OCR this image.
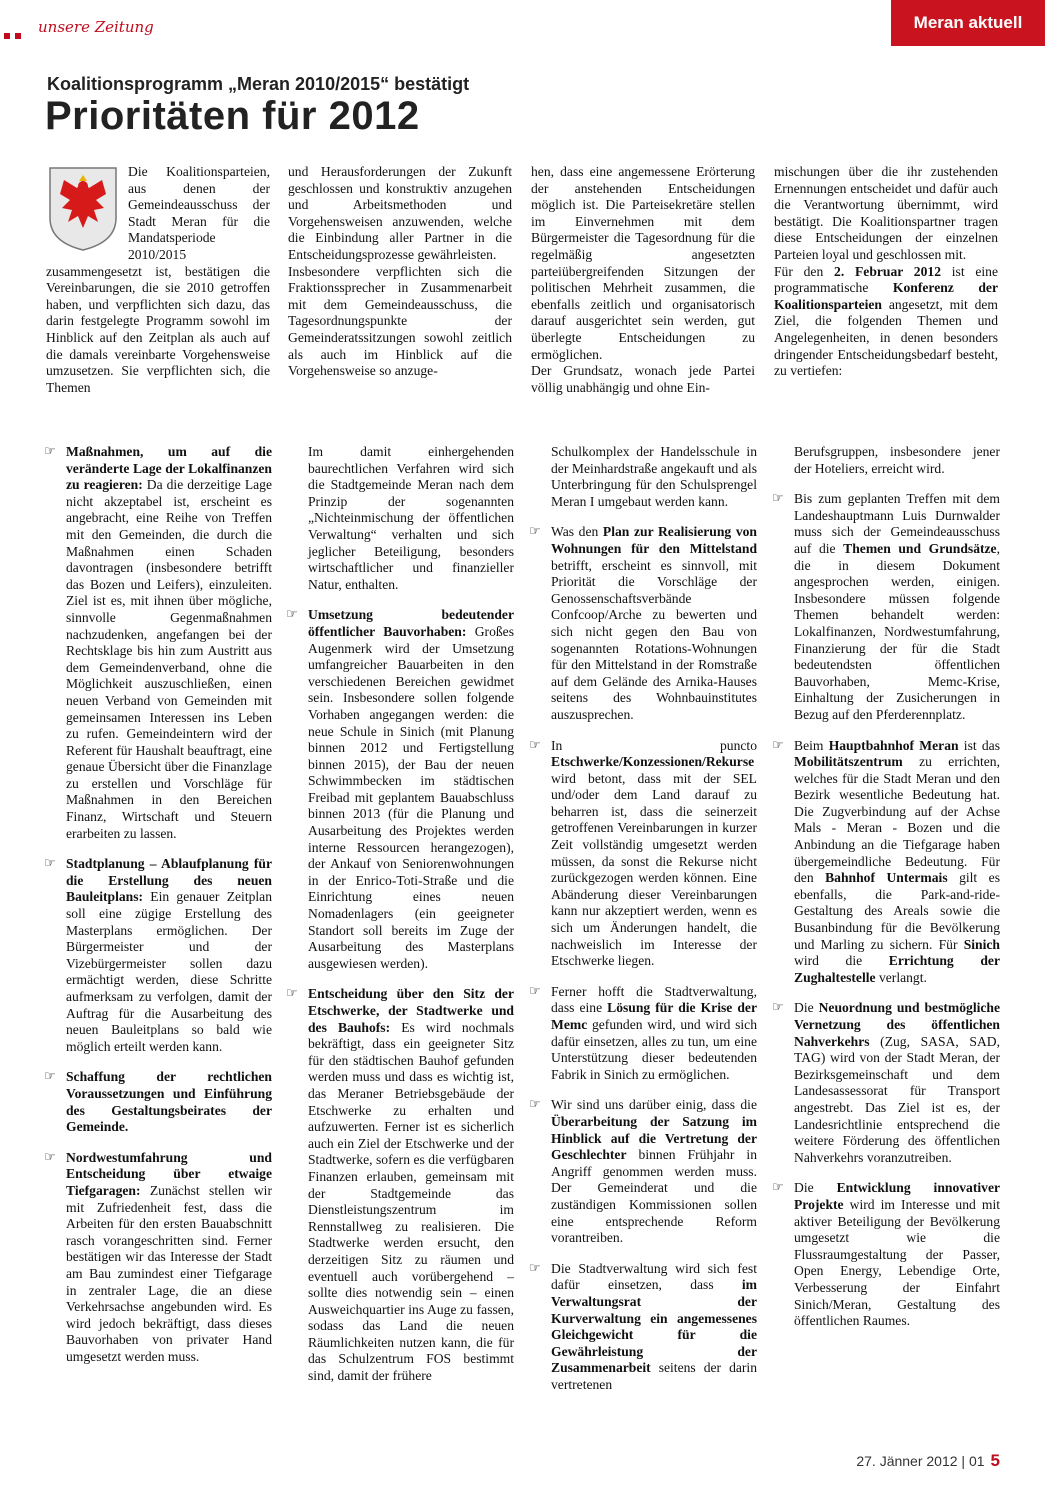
unsere Zeitung	Meran aktuell
Koalitionsprogramm „Meran 2010/2015“ bestätigt
Prioritäten für 2012

Die Koalitionsparteien, aus denen der Gemeindeausschuss der Stadt Meran für die Mandatsperiode 2010/2015 zusammengesetzt ist, bestätigen die Vereinbarungen, die sie 2010 getroffen haben, und verpflichten sich dazu, das darin festgelegte Programm sowohl im Hinblick auf den Zeitplan als auch auf die damals vereinbarte Vorgehensweise umzusetzen. Sie verpflichten sich, die Themen

und Herausforderungen der Zukunft geschlossen und konstruktiv anzugehen und Arbeitsmethoden und Vorgehensweisen anzuwenden, welche die Einbindung aller Partner in die Entscheidungsprozesse gewährleisten.

Insbesondere verpflichten sich die Fraktionssprecher in Zusammenarbeit mit dem Gemeindeausschuss, die Tagesordnungspunkte der Gemeinderatssitzungen sowohl zeitlich als auch im Hinblick auf die Vorgehensweise so anzuge-

hen, dass eine angemessene Erörterung der anstehenden Entscheidungen möglich ist. Die Parteisekretäre stellen im Einvernehmen mit dem Bürgermeister die Tagesordnung für die regelmäßig angesetzten parteiübergreifenden Sitzungen der politischen Mehrheit zusammen, die ebenfalls zeitlich und organisatorisch darauf ausgerichtet sein werden, gut überlegte Entscheidungen zu ermöglichen.

Der Grundsatz, wonach jede Partei völlig unabhängig und ohne Ein-

mischungen über die ihr zustehenden Ernennungen entscheidet und dafür auch die Verantwortung übernimmt, wird bestätigt. Die Koalitionspartner tragen diese Entscheidungen der einzelnen Parteien loyal und geschlossen mit.

Für den 2. Februar 2012 ist eine programmatische Konferenz der Koalitionsparteien angesetzt, mit dem Ziel, die folgenden Themen und Angelegenheiten, in denen besonders dringender Entscheidungsbedarf besteht, zu vertiefen:

☞ Maßnahmen, um auf die veränderte Lage der Lokalfinanzen zu reagieren: Da die derzeitige Lage nicht akzeptabel ist, erscheint es angebracht, eine Reihe von Treffen mit den Gemeinden, die durch die Maßnahmen einen Schaden davontragen (insbesondere betrifft das Bozen und Leifers), einzuleiten. Ziel ist es, mit ihnen über mögliche, sinnvolle Gegenmaßnahmen nachzudenken, angefangen bei der Rechtsklage bis hin zum Austritt aus dem Gemeindenverband, ohne die Möglichkeit auszuschließen, einen neuen Verband von Gemeinden mit gemeinsamen Interessen ins Leben zu rufen. Gemeindeintern wird der Referent für Haushalt beauftragt, eine genaue Übersicht über die Finanzlage zu erstellen und Vorschläge für Maßnahmen in den Bereichen Finanz, Wirtschaft und Steuern erarbeiten zu lassen.
☞ Stadtplanung – Ablaufplanung für die Erstellung des neuen Bauleitplans: Ein genauer Zeitplan soll eine zügige Erstellung des Masterplans ermöglichen. Der Bürgermeister und der Vizebürgermeister sollen dazu ermächtigt werden, diese Schritte aufmerksam zu verfolgen, damit der Auftrag für die Ausarbeitung des neuen Bauleitplans so bald wie möglich erteilt werden kann.
☞ Schaffung der rechtlichen Voraussetzungen und Einführung des Gestaltungsbeirates der Gemeinde.
☞ Nordwestumfahrung und Entscheidung über etwaige Tiefgaragen: Zunächst stellen wir mit Zufriedenheit fest, dass die Arbeiten für den ersten Bauabschnitt rasch vorangeschritten sind. Ferner bestätigen wir das Interesse der Stadt am Bau zumindest einer Tiefgarage in zentraler Lage, die an diese Verkehrsachse angebunden wird. Es wird jedoch bekräftigt, dass dieses Bauvorhaben von privater Hand umgesetzt werden muss.
Im damit einhergehenden baurechtlichen Verfahren wird sich die Stadtgemeinde Meran nach dem Prinzip der sogenannten „Nichteinmischung der öffentlichen Verwaltung“ verhalten und sich jeglicher Beteiligung, besonders wirtschaftlicher und finanzieller Natur, enthalten.
☞ Umsetzung bedeutender öffentlicher Bauvorhaben: Großes Augenmerk wird der Umsetzung umfangreicher Bauarbeiten in den verschiedenen Bereichen gewidmet sein. Insbesondere sollen folgende Vorhaben angegangen werden: die neue Schule in Sinich (mit Planung binnen 2012 und Fertigstellung binnen 2015), der Bau der neuen Schwimmbecken im städtischen Freibad mit geplantem Bauabschluss binnen 2013 (für die Planung und Ausarbeitung des Projektes werden interne Ressourcen herangezogen), der Ankauf von Seniorenwohnungen in der Enrico-Toti-Straße und die Einrichtung eines neuen Nomadenlagers (ein geeigneter Standort soll bereits im Zuge der Ausarbeitung des Masterplans ausgewiesen werden).
☞ Entscheidung über den Sitz der Etschwerke, der Stadtwerke und des Bauhofs: Es wird nochmals bekräftigt, dass ein geeigneter Sitz für den städtischen Bauhof gefunden werden muss und dass es wichtig ist, das Meraner Betriebsgebäude der Etschwerke zu erhalten und aufzuwerten. Ferner ist es sicherlich auch ein Ziel der Etschwerke und der Stadtwerke, sofern es die verfügbaren Finanzen erlauben, gemeinsam mit der Stadtgemeinde das Dienstleistungszentrum im Rennstallweg zu realisieren. Die Stadtwerke werden ersucht, den derzeitigen Sitz zu räumen und eventuell auch vorübergehend – sollte dies notwendig sein – einen Ausweichquartier ins Auge zu fassen, sodass das Land die neuen Räumlichkeiten nutzen kann, die für das Schulzentrum FOS bestimmt sind, damit der frühere
Schulkomplex der Handelsschule in der Meinhardstraße angekauft und als Unterbringung für den Schulsprengel Meran I umgebaut werden kann.
☞ Was den Plan zur Realisierung von Wohnungen für den Mittelstand betrifft, erscheint es sinnvoll, mit Priorität die Vorschläge der Genossenschaftsverbände Confcoop/Arche zu bewerten und sich nicht gegen den Bau von sogenannten Rotations-Wohnungen für den Mittelstand in der Romstraße auf dem Gelände des Arnika-Hauses seitens des Wohnbauinstitutes auszusprechen.
☞ In puncto Etschwerke/Konzessionen/Rekurse wird betont, dass mit der SEL und/oder dem Land darauf zu beharren ist, dass die seinerzeit getroffenen Vereinbarungen in kurzer Zeit vollständig umgesetzt werden müssen, da sonst die Rekurse nicht zurückgezogen werden können. Eine Abänderung dieser Vereinbarungen kann nur akzeptiert werden, wenn es sich um Änderungen handelt, die nachweislich im Interesse der Etschwerke liegen.
☞ Ferner hofft die Stadtverwaltung, dass eine Lösung für die Krise der Memc gefunden wird, und wird sich dafür einsetzen, alles zu tun, um eine Unterstützung dieser bedeutenden Fabrik in Sinich zu ermöglichen.
☞ Wir sind uns darüber einig, dass die Überarbeitung der Satzung im Hinblick auf die Vertretung der Geschlechter binnen Frühjahr in Angriff genommen werden muss. Der Gemeinderat und die zuständigen Kommissionen sollen eine entsprechende Reform vorantreiben.
☞ Die Stadtverwaltung wird sich fest dafür einsetzen, dass im Verwaltungsrat der Kurverwaltung ein angemessenes Gleichgewicht für die Gewährleistung der Zusammenarbeit seitens der darin vertretenen
Berufsgruppen, insbesondere jener der Hoteliers, erreicht wird.
☞ Bis zum geplanten Treffen mit dem Landeshauptmann Luis Durnwalder muss sich der Gemeindeausschuss auf die Themen und Grundsätze, die in diesem Dokument angesprochen werden, einigen. Insbesondere müssen folgende Themen behandelt werden: Lokalfinanzen, Nordwestumfahrung, Finanzierung der für die Stadt bedeutendsten öffentlichen Bauvorhaben, Memc-Krise, Einhaltung der Zusicherungen in Bezug auf den Pferderennplatz.
☞ Beim Hauptbahnhof Meran ist das Mobilitätszentrum zu errichten, welches für die Stadt Meran und den Bezirk wesentliche Bedeutung hat. Die Zugverbindung auf der Achse Mals - Meran - Bozen und die Anbindung an die Tiefgarage haben übergemeindliche Bedeutung. Für den Bahnhof Untermais gilt es ebenfalls, die Park-and-ride-Gestaltung des Areals sowie die Busanbindung für die Bevölkerung und Marling zu sichern. Für Sinich wird die Errichtung der Zughaltestelle verlangt.
☞ Die Neuordnung und bestmögliche Vernetzung des öffentlichen Nahverkehrs (Zug, SASA, SAD, TAG) wird von der Stadt Meran, der Bezirksgemeinschaft und dem Landesassessorat für Transport angestrebt. Das Ziel ist es, der Landesrichtlinie entsprechend die weitere Förderung des öffentlichen Nahverkehrs voranzutreiben.
☞ Die Entwicklung innovativer Projekte wird im Interesse und mit aktiver Beteiligung der Bevölkerung umgesetzt wie die Flussraumgestaltung der Passer, Open Energy, Lebendige Orte, Verbesserung der Einfahrt Sinich/Meran, Gestaltung des öffentlichen Raumes.
27. Jänner 2012 | 01 5
